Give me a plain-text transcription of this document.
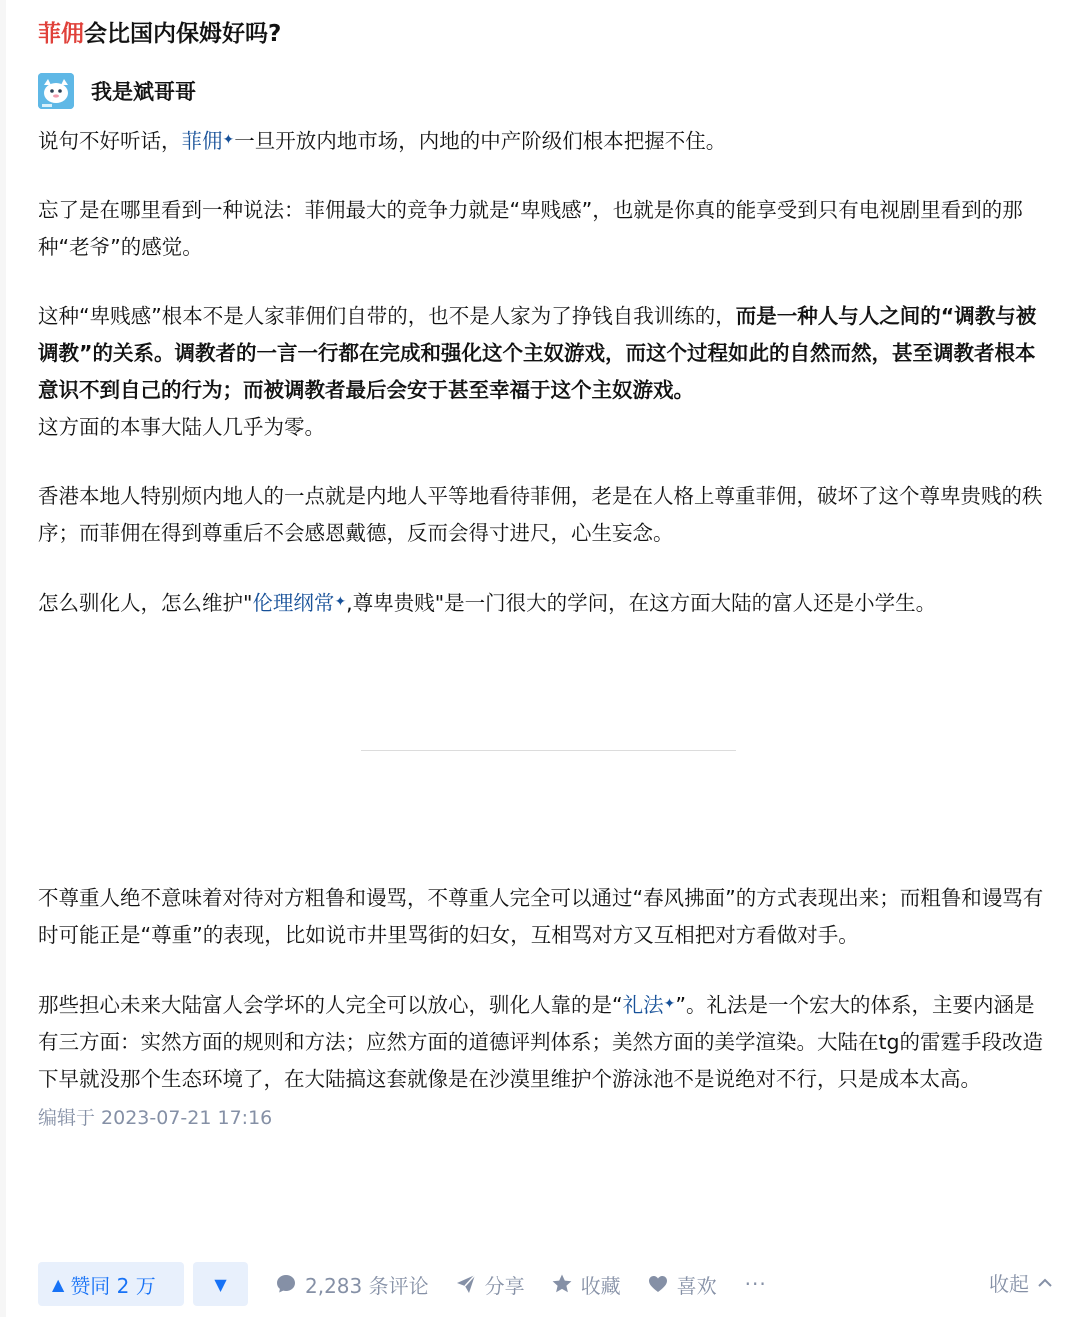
菲佣会比国内保姆好吗?
我是斌哥哥

说句不好听话，菲佣✦一旦开放内地市场，内地的中产阶级们根本把握不住。

忘了是在哪里看到一种说法：菲佣最大的竞争力就是“卑贱感”，也就是你真的能享受到只有电视剧里看到的那种“老爷”的感觉。

这种“卑贱感”根本不是人家菲佣们自带的，也不是人家为了挣钱自我训练的，而是一种人与人之间的“调教与被调教”的关系。调教者的一言一行都在完成和强化这个主奴游戏，而这个过程如此的自然而然，甚至调教者根本意识不到自己的行为；而被调教者最后会安于甚至幸福于这个主奴游戏。
这方面的本事大陆人几乎为零。

香港本地人特别烦内地人的一点就是内地人平等地看待菲佣，老是在人格上尊重菲佣，破坏了这个尊卑贵贱的秩序；而菲佣在得到尊重后不会感恩戴德，反而会得寸进尺，心生妄念。

怎么驯化人，怎么维护"伦理纲常✦,尊卑贵贱"是一门很大的学问，在这方面大陆的富人还是小学生。

不尊重人绝不意味着对待对方粗鲁和谩骂，不尊重人完全可以通过“春风拂面”的方式表现出来；而粗鲁和谩骂有时可能正是“尊重”的表现，比如说市井里骂街的妇女，互相骂对方又互相把对方看做对手。

那些担心未来大陆富人会学坏的人完全可以放心，驯化人靠的是“礼法✦”。礼法是一个宏大的体系，主要内涵是有三方面：实然方面的规则和方法；应然方面的道德评判体系；美然方面的美学渲染。大陆在tg的雷霆手段改造下早就没那个生态环境了，在大陆搞这套就像是在沙漠里维护个游泳池不是说绝对不行，只是成本太高。

编辑于 2023-07-21 17:16
▲ 赞同 2 万	▼	2,283 条评论	分享	收藏	喜欢 ···	收起
